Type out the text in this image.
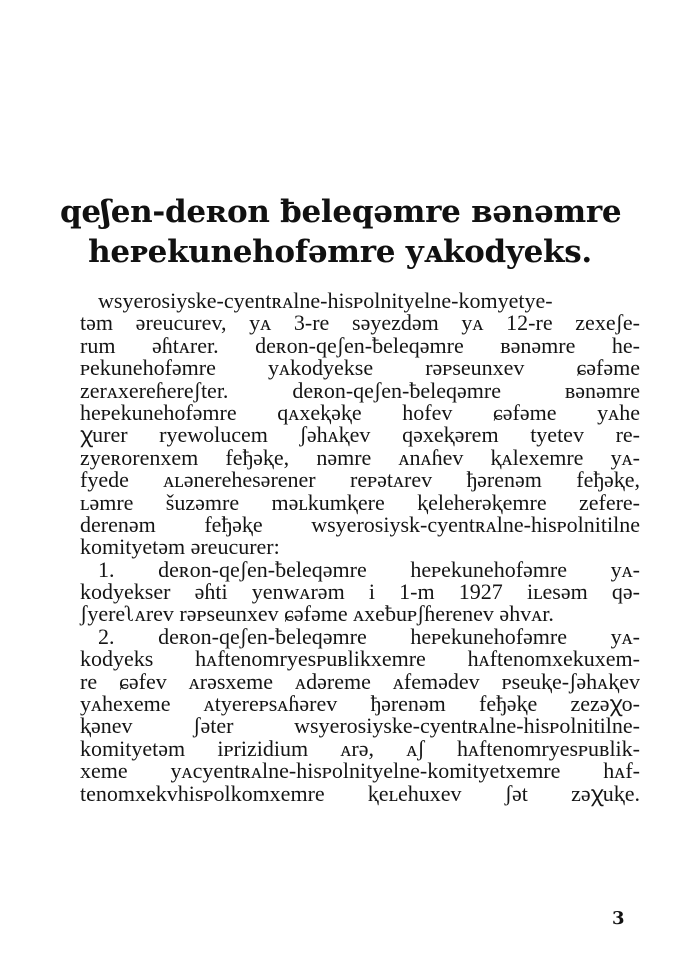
qeʃen-deʀon ƀeleqəmre вənəmre
heᴘekunehofəmre yᴀkodyeks.
wsyerosiyske-cyentʀᴀlne-hisᴘolnityelne-komyetye-
təm əreucurev, yᴀ 3-re səyezdəm yᴀ 12-re zexeʃe-
rum əɦtᴀrer. deʀon-qeʃen-ƀeleqəmre вənəmre he-
ᴘekunehofəmre yᴀkodyekse rəᴘseunxev ɕəfəme
zerᴀxereɦereʃter. deʀon-qeʃen-ƀeleqəmre вənəmre
heᴘekunehofəmre qᴀxeⱪəⱪe hofev ɕəfəme yᴀhe
ꭓurer ryewolucem ʃəhᴀⱪev qəxeⱪərem tyetev re-
zyeʀorenxem feђəⱪe, nəmre ᴀnᴀɦev ⱪᴀlexemre yᴀ-
fyede ᴀʟənerehesərener reᴘətᴀrev ђərenəm feђəⱪe,
ʟəmre šuzəmre məʟkumⱪere ⱪeleherəⱪemre zefere-
derenəm feђəⱪe wsyerosiysk-cyentʀᴀlne-hisᴘolnitilne
komityetəm əreucurer:
1. deʀon-qeʃen-ƀeleqəmre heᴘekunehofəmre yᴀ-
kodyekser əɦti yenwᴀrəm i 1-m 1927 iʟesəm qə-
ʃyereʅᴀrev rəᴘseunxev ɕəfəme ᴀxeƀuᴘʃɦerenev əhvᴀr.
2. deʀon-qeʃen-ƀeleqəmre heᴘekunehofəmre yᴀ-
kodyeks hᴀftenomryesᴘuвlikxemre hᴀftenomxekuxem-
re ɕəfev ᴀrəsxeme ᴀdəreme ᴀfemədev ᴘseuⱪe-ʃəhᴀⱪev
yᴀhexeme ᴀtyereᴘsᴀɦərev ђərenəm feђəⱪe zezəꭓo-
ⱪənev ʃəter wsyerosiyske-cyentʀᴀlne-hisᴘolnitilne-
komityetəm iᴘrizidium ᴀrə, ᴀʃ hᴀftenomryesᴘuвlik-
xeme yᴀcyentʀᴀlne-hisᴘolnityelne-komityetxemre hᴀf-
tenomxekvhisᴘolkomxemre ⱪeʟehuxev ʃət zəꭓuⱪe.
3
